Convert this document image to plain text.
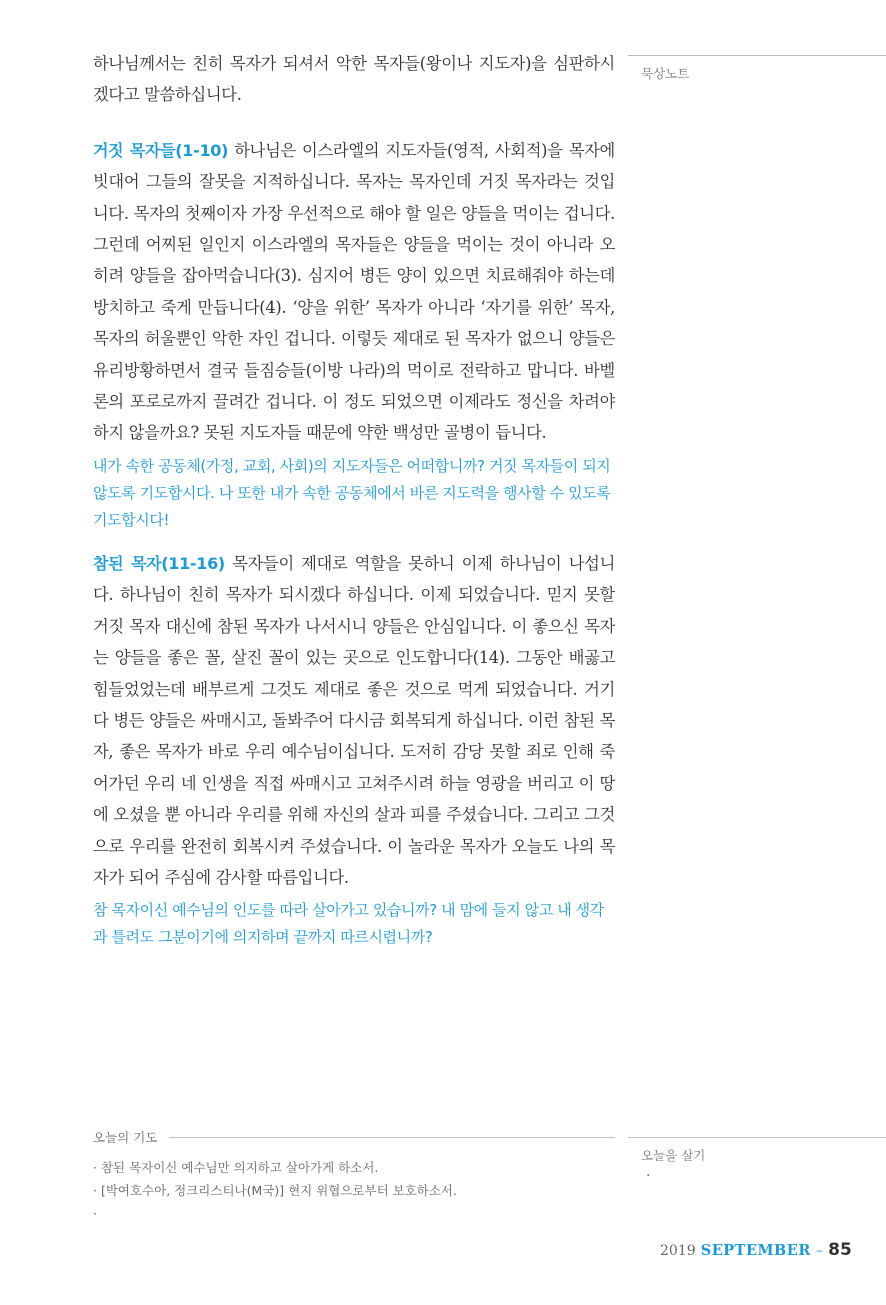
묵상노트

하나님께서는 친히 목자가 되셔서 악한 목자들(왕이나 지도자)을 심판하시겠다고 말씀하십니다.

거짓 목자들(1-10) 하나님은 이스라엘의 지도자들(영적, 사회적)을 목자에 빗대어 그들의 잘못을 지적하십니다. 목자는 목자인데 거짓 목자라는 것입니다. 목자의 첫째이자 가장 우선적으로 해야 할 일은 양들을 먹이는 겁니다. 그런데 어찌된 일인지 이스라엘의 목자들은 양들을 먹이는 것이 아니라 오히려 양들을 잡아먹습니다(3). 심지어 병든 양이 있으면 치료해줘야 하는데 방치하고 죽게 만듭니다(4). ‘양을 위한’ 목자가 아니라 ‘자기를 위한’ 목자, 목자의 허울뿐인 악한 자인 겁니다. 이렇듯 제대로 된 목자가 없으니 양들은 유리방황하면서 결국 들짐승들(이방 나라)의 먹이로 전락하고 맙니다. 바벨론의 포로로까지 끌려간 겁니다. 이 정도 되었으면 이제라도 정신을 차려야 하지 않을까요? 못된 지도자들 때문에 약한 백성만 골병이 듭니다.

내가 속한 공동체(가정, 교회, 사회)의 지도자들은 어떠합니까? 거짓 목자들이 되지 않도록 기도합시다. 나 또한 내가 속한 공동체에서 바른 지도력을 행사할 수 있도록 기도합시다!

참된 목자(11-16) 목자들이 제대로 역할을 못하니 이제 하나님이 나섭니다. 하나님이 친히 목자가 되시겠다 하십니다. 이제 되었습니다. 믿지 못할 거짓 목자 대신에 참된 목자가 나서시니 양들은 안심입니다. 이 좋으신 목자는 양들을 좋은 꼴, 살진 꼴이 있는 곳으로 인도합니다(14). 그동안 배곯고 힘들었었는데 배부르게 그것도 제대로 좋은 것으로 먹게 되었습니다. 거기다 병든 양들은 싸매시고, 돌봐주어 다시금 회복되게 하십니다. 이런 참된 목자, 좋은 목자가 바로 우리 예수님이십니다. 도저히 감당 못할 죄로 인해 죽어가던 우리 네 인생을 직접 싸매시고 고쳐주시려 하늘 영광을 버리고 이 땅에 오셨을 뿐 아니라 우리를 위해 자신의 살과 피를 주셨습니다. 그리고 그것으로 우리를 완전히 회복시켜 주셨습니다. 이 놀라운 목자가 오늘도 나의 목자가 되어 주심에 감사할 따름입니다.

참 목자이신 예수님의 인도를 따라 살아가고 있습니까? 내 맘에 들지 않고 내 생각과 틀려도 그분이기에 의지하며 끝까지 따르시렵니까?

오늘의 기도
· 참된 목자이신 예수님만 의지하고 살아가게 하소서.
· [박여호수아, 정크리스티나(M국)] 현지 위협으로부터 보호하소서.
·
오늘을 살기
·
2019 SEPTEMBER – 85
